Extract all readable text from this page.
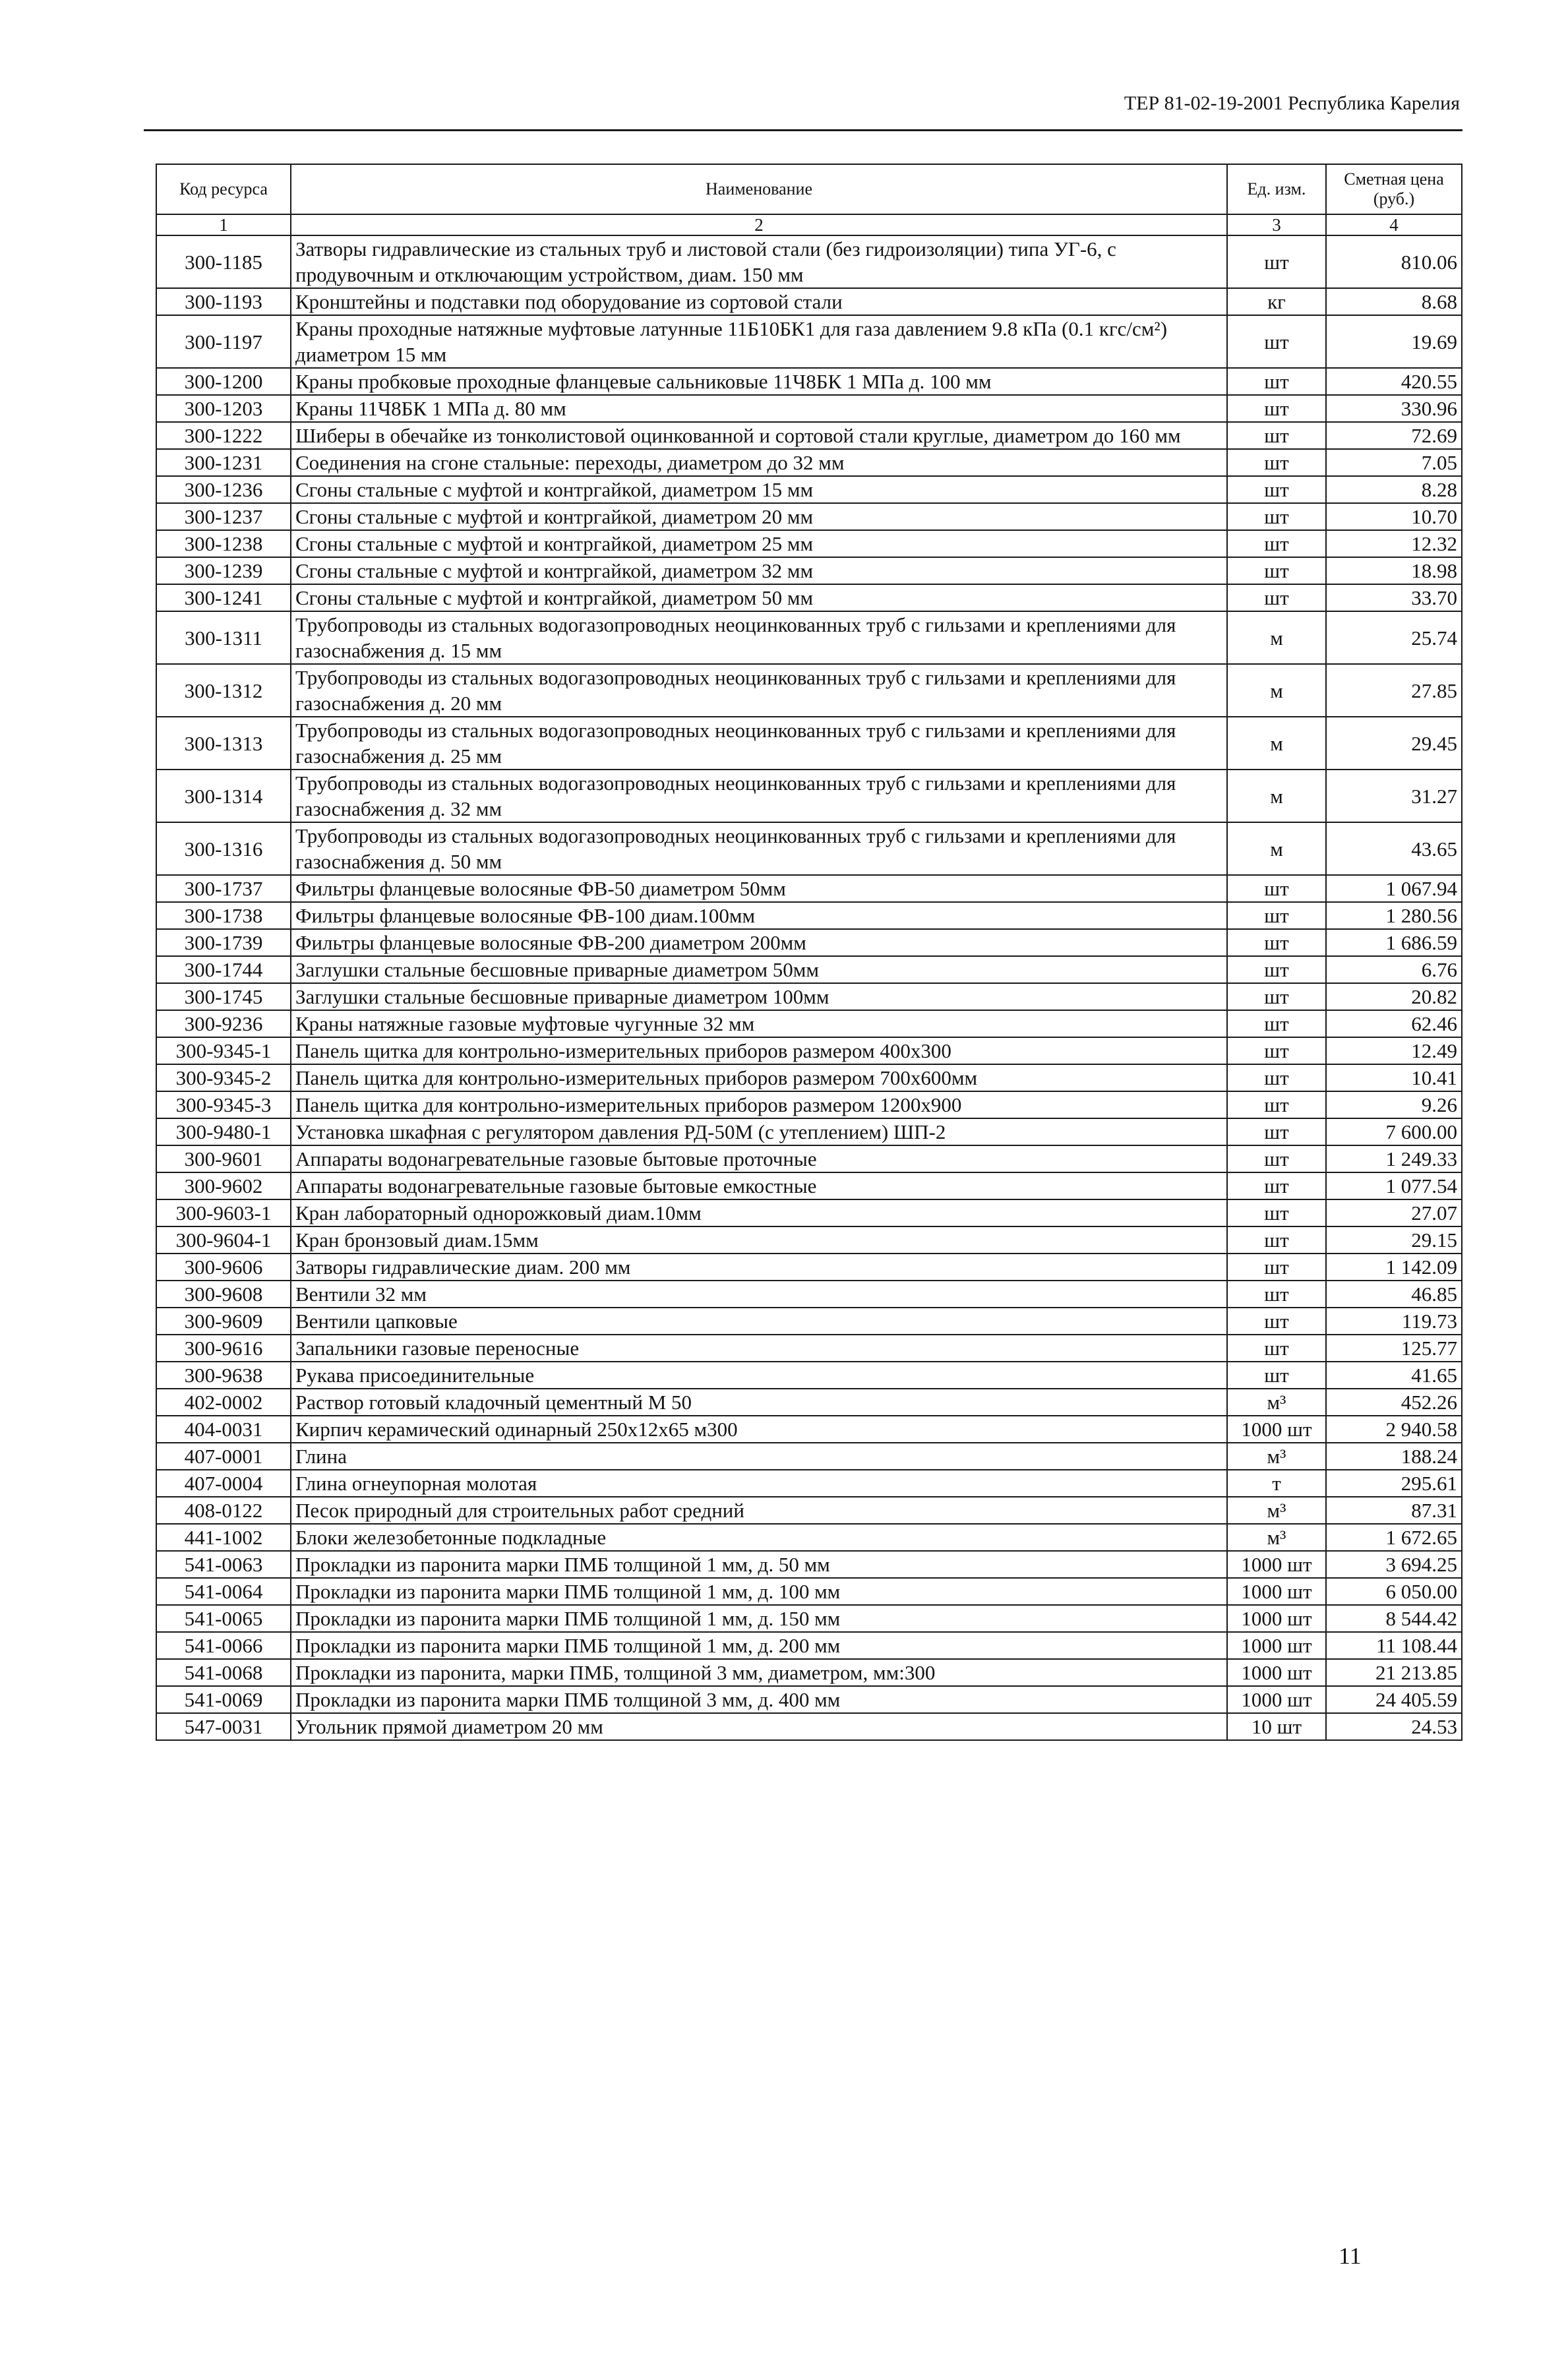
ТЕР 81-02-19-2001 Республика Карелия
Код ресурса	Наименование	Ед. изм.	Сметная цена (руб.)
1	2	3	4
300-1185	Затворы гидравлические из стальных труб и листовой стали (без гидроизоляции) типа УГ-6, с продувочным и отключающим устройством, диам. 150 мм	шт	810.06
300-1193	Кронштейны и подставки под оборудование из сортовой стали	кг	8.68
300-1197	Краны проходные натяжные муфтовые латунные 11Б10БК1 для газа давлением 9.8 кПа (0.1 кгс/см²) диаметром 15 мм	шт	19.69
300-1200	Краны пробковые проходные фланцевые сальниковые 11Ч8БК 1 МПа д. 100 мм	шт	420.55
300-1203	Краны 11Ч8БК 1 МПа д. 80 мм	шт	330.96
300-1222	Шиберы в обечайке из тонколистовой оцинкованной и сортовой стали круглые, диаметром до 160 мм	шт	72.69
300-1231	Соединения на сгоне стальные: переходы, диаметром до 32 мм	шт	7.05
300-1236	Сгоны стальные с муфтой и контргайкой, диаметром 15 мм	шт	8.28
300-1237	Сгоны стальные с муфтой и контргайкой, диаметром 20 мм	шт	10.70
300-1238	Сгоны стальные с муфтой и контргайкой, диаметром 25 мм	шт	12.32
300-1239	Сгоны стальные с муфтой и контргайкой, диаметром 32 мм	шт	18.98
300-1241	Сгоны стальные с муфтой и контргайкой, диаметром 50 мм	шт	33.70
300-1311	Трубопроводы из стальных водогазопроводных неоцинкованных труб с гильзами и креплениями для газоснабжения д. 15 мм	м	25.74
300-1312	Трубопроводы из стальных водогазопроводных неоцинкованных труб с гильзами и креплениями для газоснабжения д. 20 мм	м	27.85
300-1313	Трубопроводы из стальных водогазопроводных неоцинкованных труб с гильзами и креплениями для газоснабжения д. 25 мм	м	29.45
300-1314	Трубопроводы из стальных водогазопроводных неоцинкованных труб с гильзами и креплениями для газоснабжения д. 32 мм	м	31.27
300-1316	Трубопроводы из стальных водогазопроводных неоцинкованных труб с гильзами и креплениями для газоснабжения д. 50 мм	м	43.65
300-1737	Фильтры фланцевые волосяные ФВ-50 диаметром 50мм	шт	1 067.94
300-1738	Фильтры фланцевые волосяные ФВ-100 диам.100мм	шт	1 280.56
300-1739	Фильтры фланцевые волосяные ФВ-200 диаметром 200мм	шт	1 686.59
300-1744	Заглушки стальные бесшовные приварные диаметром 50мм	шт	6.76
300-1745	Заглушки стальные бесшовные приварные диаметром 100мм	шт	20.82
300-9236	Краны натяжные газовые муфтовые чугунные 32 мм	шт	62.46
300-9345-1	Панель щитка для контрольно-измерительных приборов размером 400х300	шт	12.49
300-9345-2	Панель щитка для контрольно-измерительных приборов размером 700х600мм	шт	10.41
300-9345-3	Панель щитка для контрольно-измерительных приборов размером 1200х900	шт	9.26
300-9480-1	Установка шкафная с регулятором давления РД-50М (с утеплением) ШП-2	шт	7 600.00
300-9601	Аппараты водонагревательные газовые бытовые проточные	шт	1 249.33
300-9602	Аппараты водонагревательные газовые бытовые емкостные	шт	1 077.54
300-9603-1	Кран лабораторный однорожковый диам.10мм	шт	27.07
300-9604-1	Кран бронзовый диам.15мм	шт	29.15
300-9606	Затворы гидравлические диам. 200 мм	шт	1 142.09
300-9608	Вентили 32 мм	шт	46.85
300-9609	Вентили цапковые	шт	119.73
300-9616	Запальники газовые переносные	шт	125.77
300-9638	Рукава присоединительные	шт	41.65
402-0002	Раствор готовый кладочный цементный М 50	м³	452.26
404-0031	Кирпич керамический одинарный 250х12х65 м300	1000 шт	2 940.58
407-0001	Глина	м³	188.24
407-0004	Глина огнеупорная молотая	т	295.61
408-0122	Песок природный для строительных работ средний	м³	87.31
441-1002	Блоки железобетонные подкладные	м³	1 672.65
541-0063	Прокладки из паронита марки ПМБ толщиной 1 мм, д. 50 мм	1000 шт	3 694.25
541-0064	Прокладки из паронита марки ПМБ толщиной 1 мм, д. 100 мм	1000 шт	6 050.00
541-0065	Прокладки из паронита марки ПМБ толщиной 1 мм, д. 150 мм	1000 шт	8 544.42
541-0066	Прокладки из паронита марки ПМБ толщиной 1 мм, д. 200 мм	1000 шт	11 108.44
541-0068	Прокладки из паронита, марки ПМБ, толщиной 3 мм, диаметром, мм:300	1000 шт	21 213.85
541-0069	Прокладки из паронита марки ПМБ толщиной 3 мм, д. 400 мм	1000 шт	24 405.59
547-0031	Угольник прямой диаметром 20 мм	10 шт	24.53
11
